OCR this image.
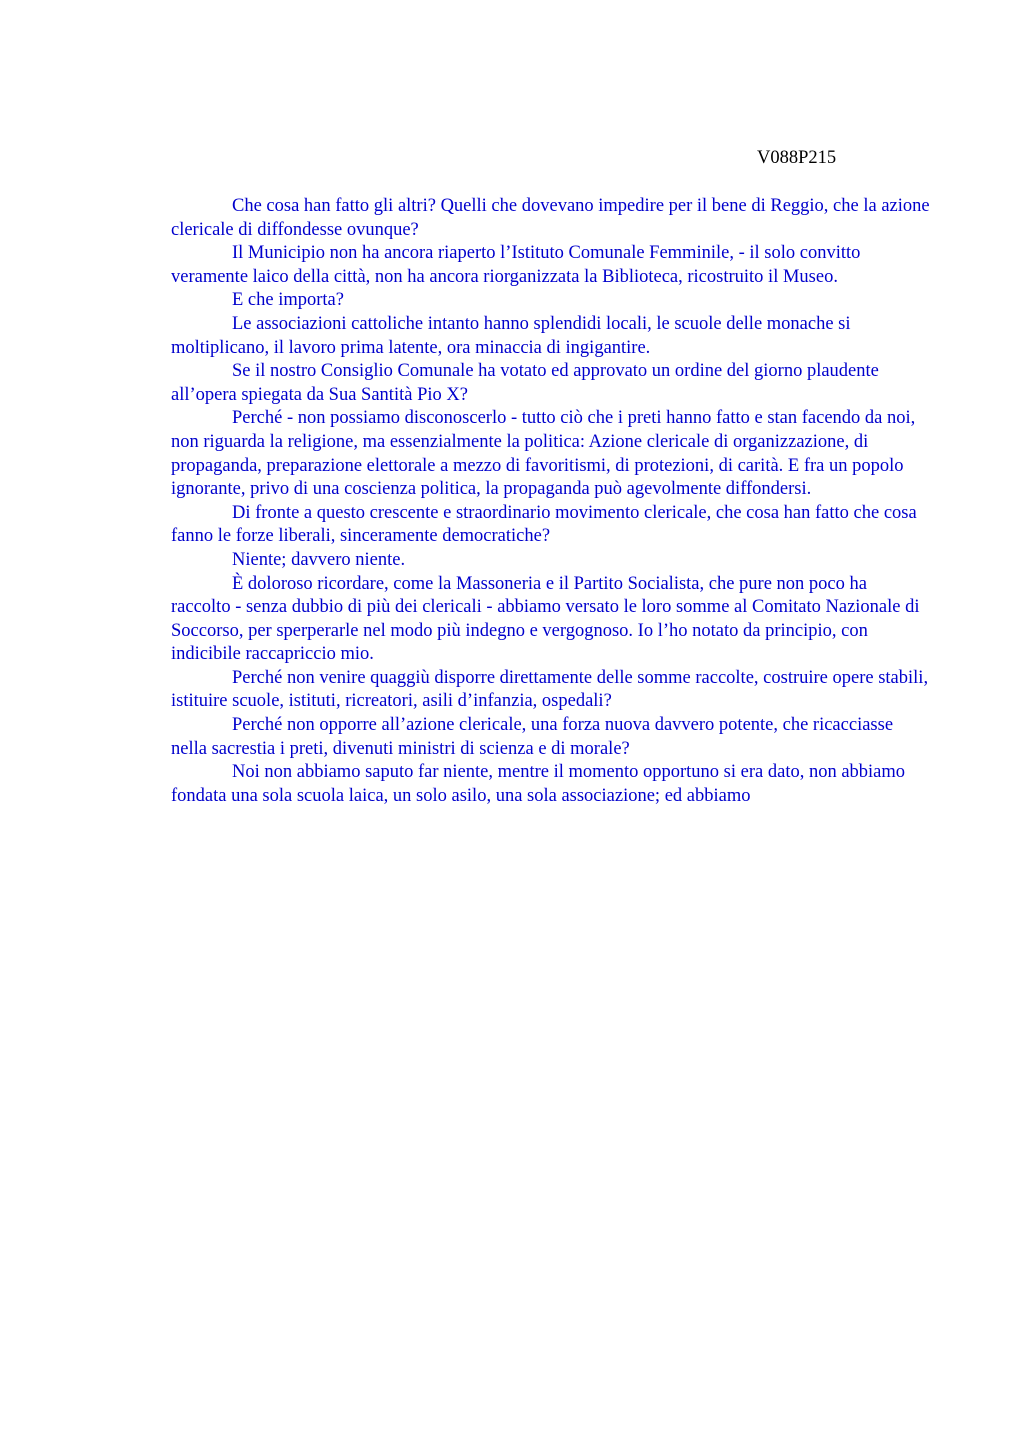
V088P215

Che cosa han fatto gli altri? Quelli che dovevano impedire per il bene di Reggio, che la azione clericale di diffondesse ovunque?

Il Municipio non ha ancora riaperto l’Istituto Comunale Femminile, - il solo convitto veramente laico della città, non ha ancora riorganizzata la Biblioteca, ricostruito il Museo.

E che importa?

Le associazioni cattoliche intanto hanno splendidi locali, le scuole delle monache si moltiplicano, il lavoro prima latente, ora minaccia di ingigantire.

Se il nostro Consiglio Comunale ha votato ed approvato un ordine del giorno plaudente all’opera spiegata da Sua Santità Pio X?

Perché - non possiamo disconoscerlo - tutto ciò che i preti hanno fatto e stan facendo da noi, non riguarda la religione, ma essenzialmente la politica: Azione clericale di organizzazione, di propaganda, preparazione elettorale a mezzo di favoritismi, di protezioni, di carità. E fra un popolo ignorante, privo di una coscienza politica, la propaganda può agevolmente diffondersi.

Di fronte a questo crescente e straordinario movimento clericale, che cosa han fatto che cosa fanno le forze liberali, sinceramente democratiche?

Niente; davvero niente.

È doloroso ricordare, come la Massoneria e il Partito Socialista, che pure non poco ha raccolto - senza dubbio di più dei clericali - abbiamo versato le loro somme al Comitato Nazionale di Soccorso, per sperperarle nel modo più indegno e vergognoso. Io l’ho notato da principio, con indicibile raccapriccio mio.

Perché non venire quaggiù disporre direttamente delle somme raccolte, costruire opere stabili, istituire scuole, istituti, ricreatori, asili d’infanzia, ospedali?

Perché non opporre all’azione clericale, una forza nuova davvero potente, che ricacciasse nella sacrestia i preti, divenuti ministri di scienza e di morale?

Noi non abbiamo saputo far niente, mentre il momento opportuno si era dato, non abbiamo fondata una sola scuola laica, un solo asilo, una sola associazione; ed abbiamo
